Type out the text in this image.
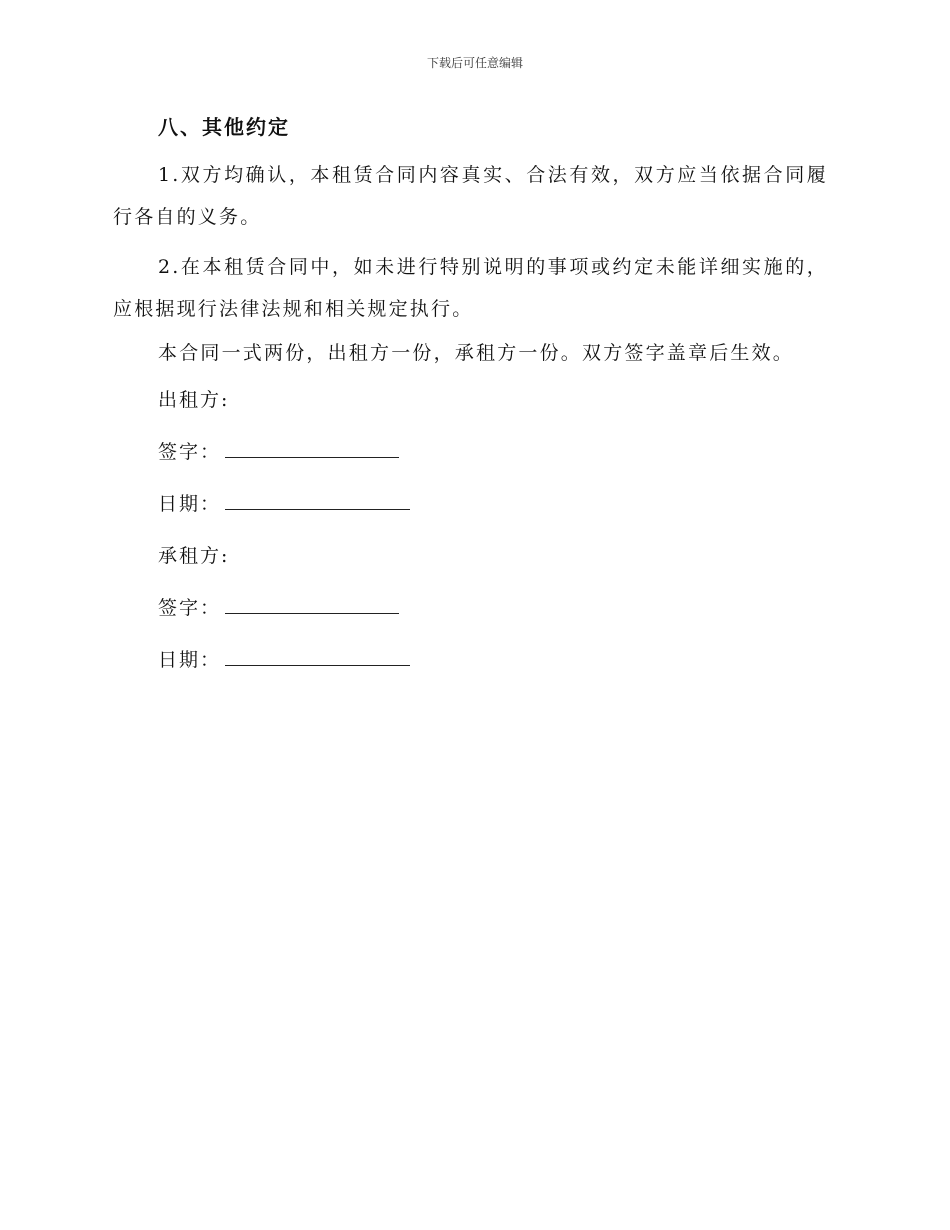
下载后可任意编辑
八、其他约定

1.双方均确认，本租赁合同内容真实、合法有效，双方应当依据合同履行各自的义务。

2.在本租赁合同中，如未进行特别说明的事项或约定未能详细实施的，应根据现行法律法规和相关规定执行。

本合同一式两份，出租方一份，承租方一份。双方签字盖章后生效。

出租方:

签字：

日期：

承租方:

签字：

日期：
